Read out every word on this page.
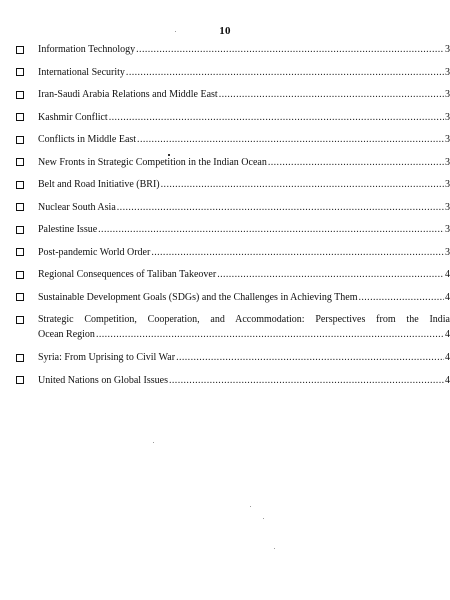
10
Information Technology .....	3
International Security .....	3
Iran-Saudi Arabia Relations and Middle East .....	3
Kashmir Conflict .....	3
Conflicts in Middle East .....	3
New Fronts in Strategic Competition in the Indian Ocean .....	3
Belt and Road Initiative (BRI) .....	3
Nuclear South Asia .....	3
Palestine Issue .....	3
Post-pandemic World Order .....	3
Regional Consequences of Taliban Takeover .....	4
Sustainable Development Goals (SDGs) and the Challenges in Achieving Them .....	4
Strategic Competition, Cooperation, and Accommodation: Perspectives from the India
Ocean Region .....	4
Syria: From Uprising to Civil War .....	4
United Nations on Global Issues .....	4
